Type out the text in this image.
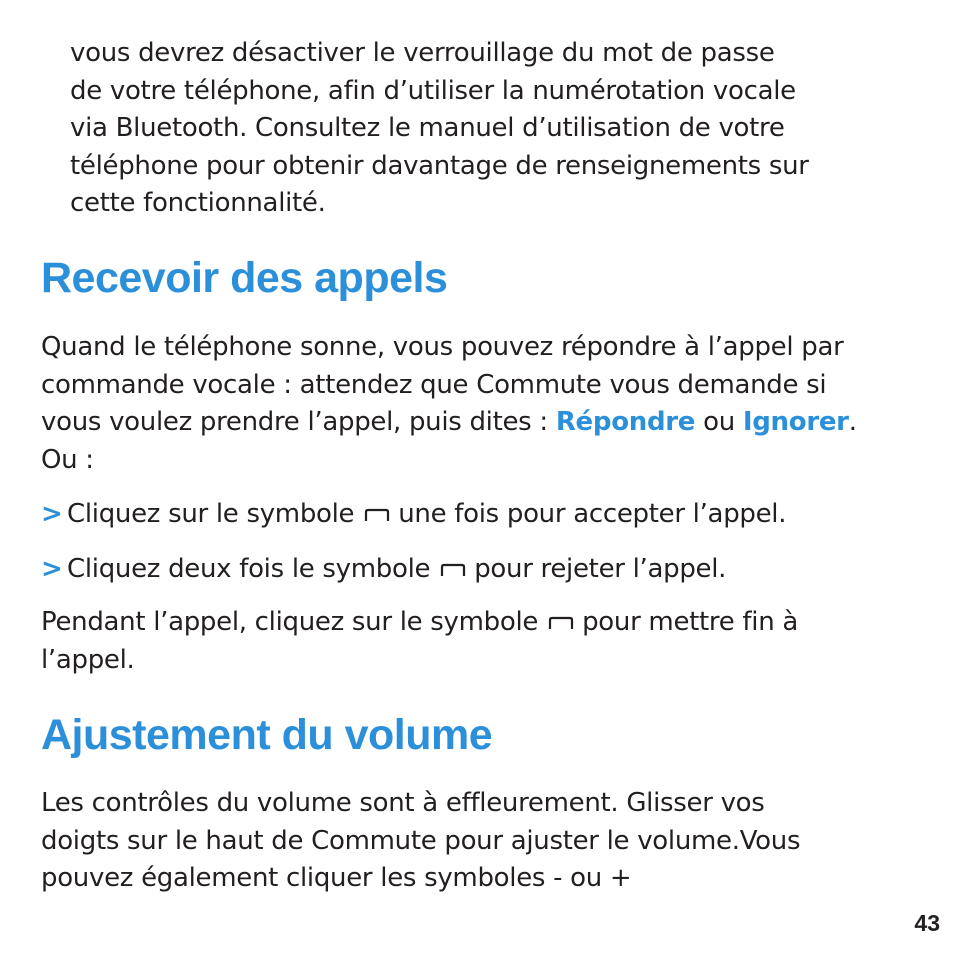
vous devrez désactiver le verrouillage du mot de passe
de votre téléphone, afin d’utiliser la numérotation vocale
via Bluetooth. Consultez le manuel d’utilisation de votre
téléphone pour obtenir davantage de renseignements sur
cette fonctionnalité.

Recevoir des appels

Quand le téléphone sonne, vous pouvez répondre à l’appel par
commande vocale : attendez que Commute vous demande si
vous voulez prendre l’appel, puis dites : Répondre ou Ignorer.
Ou :

> Cliquez sur le symbole une fois pour accepter l’appel.

> Cliquez deux fois le symbole pour rejeter l’appel.

Pendant l’appel, cliquez sur le symbole pour mettre fin à
l’appel.

Ajustement du volume

Les contrôles du volume sont à effleurement. Glisser vos
doigts sur le haut de Commute pour ajuster le volume.Vous
pouvez également cliquer les symboles - ou +

43
